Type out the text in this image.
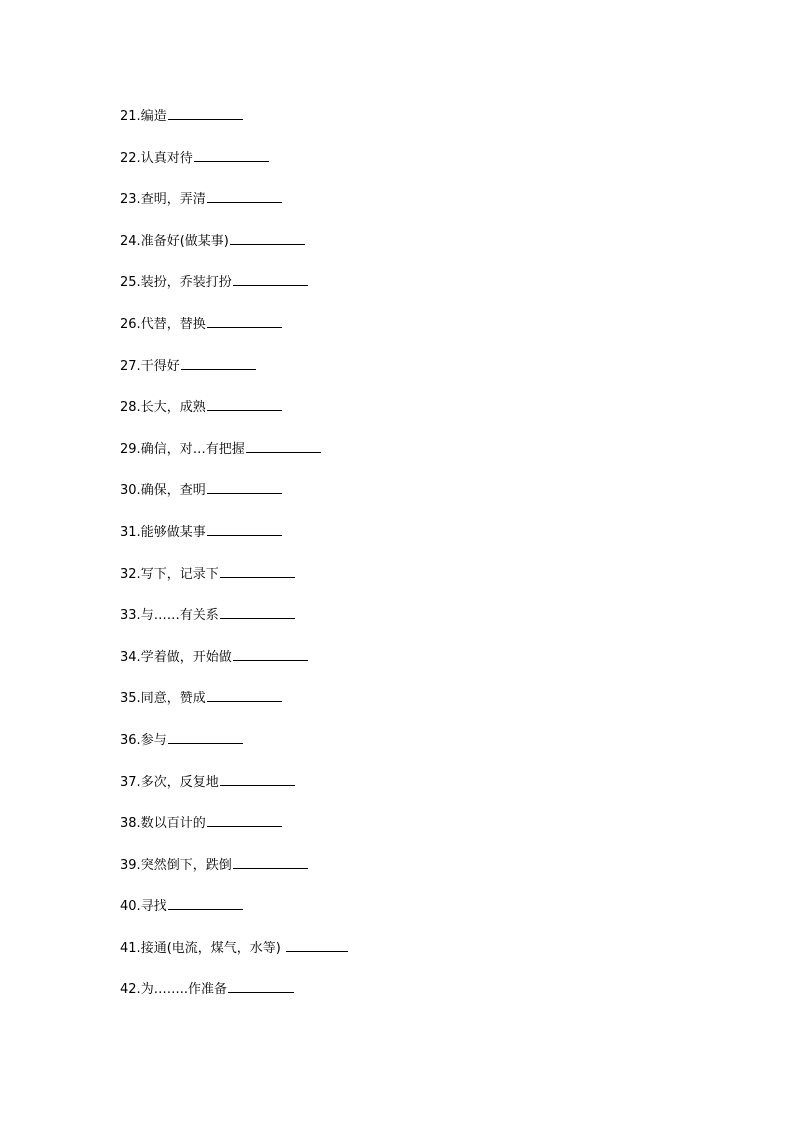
21.编造
22.认真对待
23.查明，弄清
24.准备好(做某事)
25.装扮，乔装打扮
26.代替，替换
27.干得好
28.长大，成熟
29.确信，对…有把握
30.确保，查明
31.能够做某事
32.写下，记录下
33.与……有关系
34.学着做，开始做
35.同意，赞成
36.参与
37.多次，反复地
38.数以百计的
39.突然倒下，跌倒
40.寻找
41.接通(电流，煤气，水等)
42.为……..作准备
